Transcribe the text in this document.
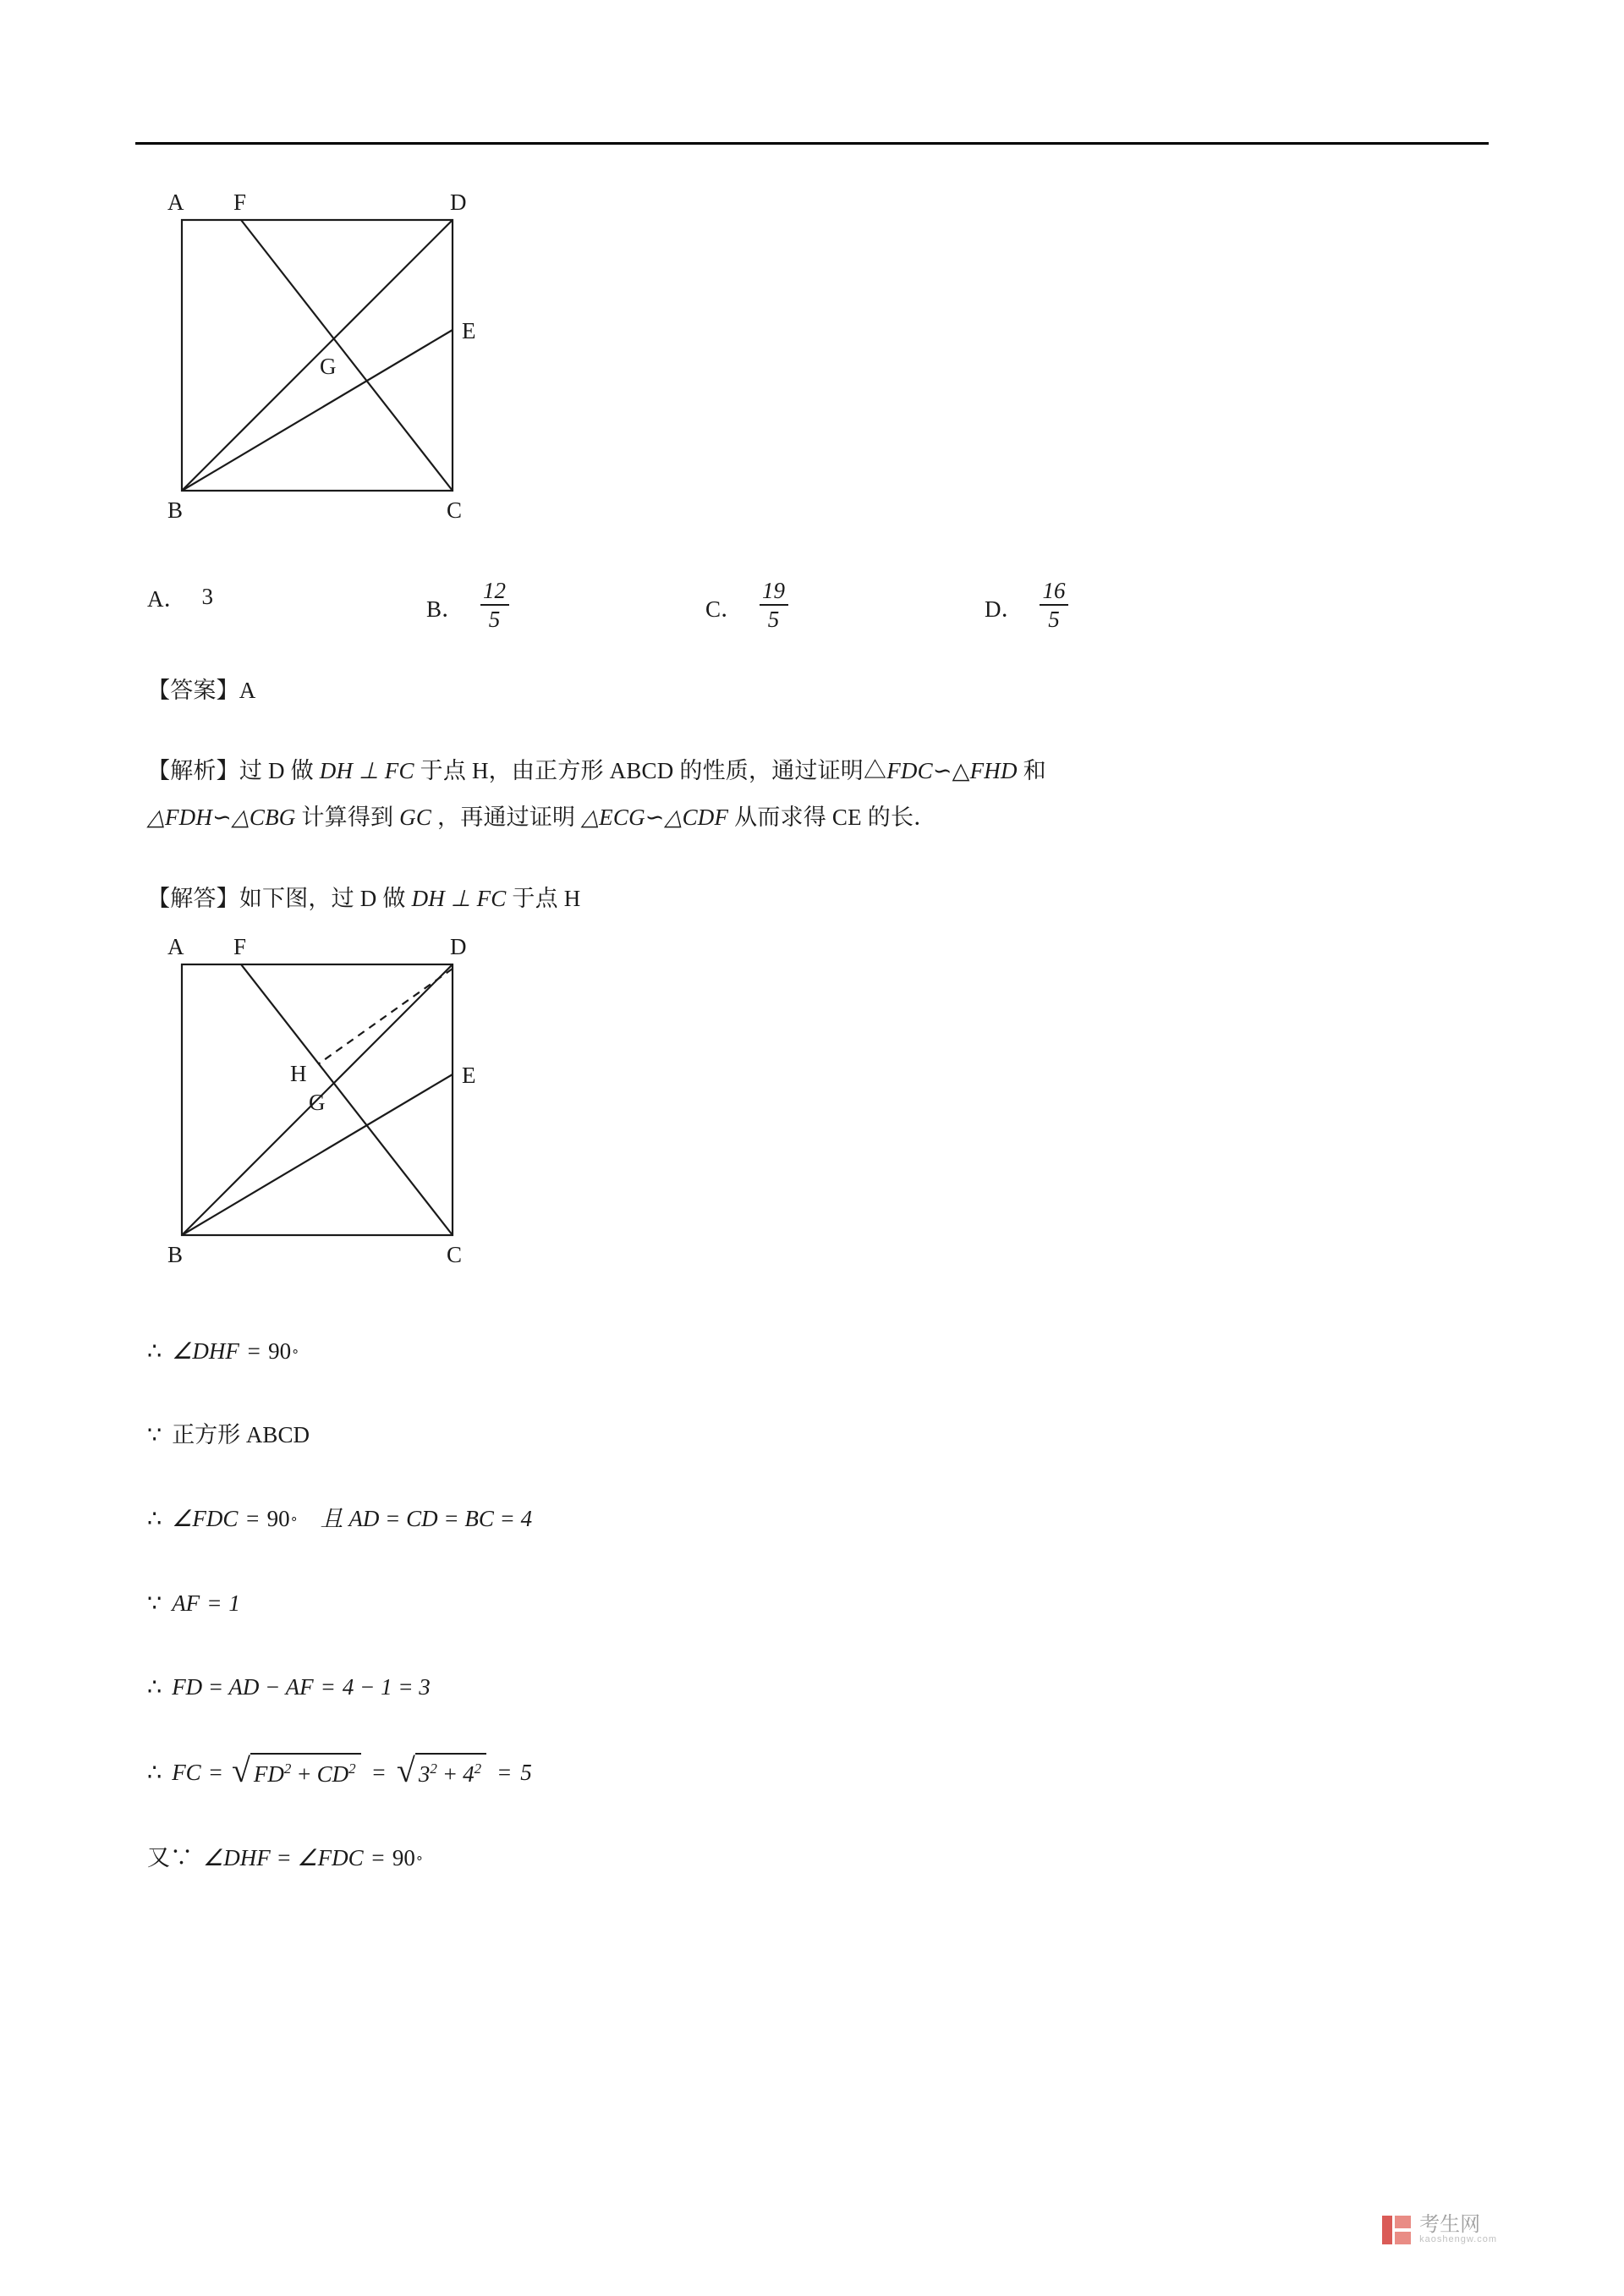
A F	D
E
G
B	C
A． 3	B． $\frac{12}{5}$	C． $\frac{19}{5}$	D． $\frac{16}{5}$

【答案】A

【解析】过 D 做 DH ⊥ FC 于点 H，由正方形 ABCD 的性质，通过证明△FDC∽△FHD 和
△FDH∽△CBG 计算得到 GC ，再通过证明 △ECG∽△CDF 从而求得 CE 的长．

【解答】如下图，过 D 做 DH ⊥ FC 于点 H

A F	D
E
H
G
B	C
∴ ∠DHF = 90 ∘
∵ 正方形 ABCD
∴ ∠FDC = 90 ∘ 且 AD = CD = BC = 4
∵ AF = 1
∴ FD = AD − AF = 4 − 1 = 3
∴ FC = √ $FD^2 + CD^2$ = √ $3^2 + 4^2 = 5$
又∵ ∠DHF = ∠FDC = 90 ∘
考生网
kaoshengw.com
